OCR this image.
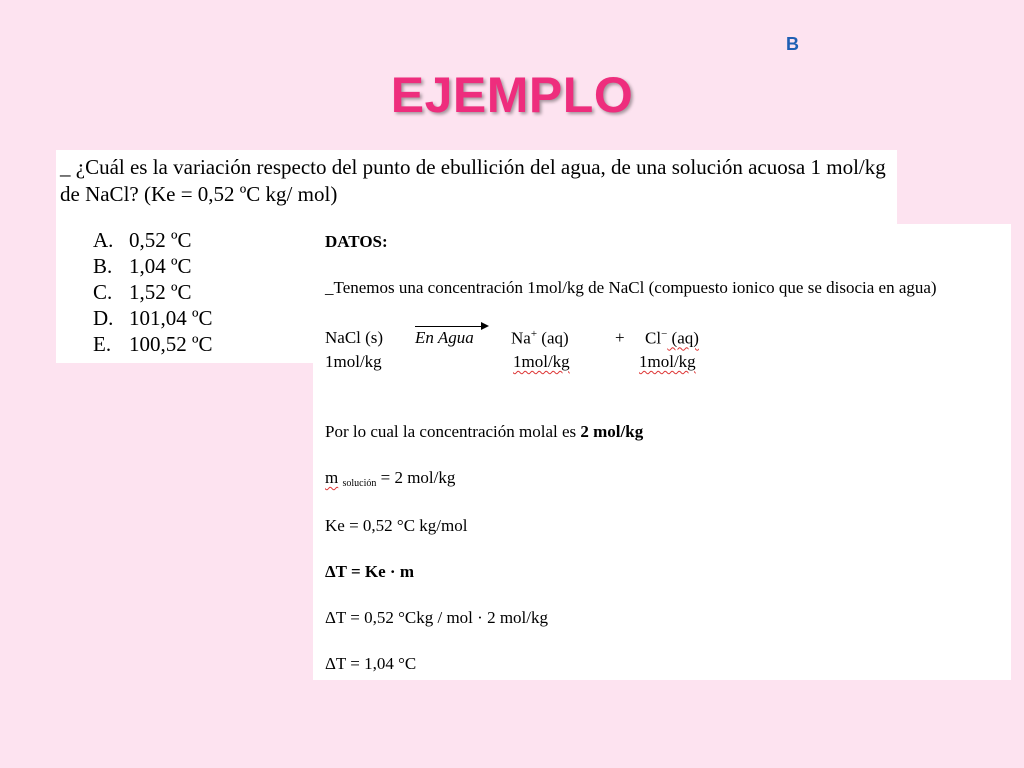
B
EJEMPLO

_ ¿Cuál es la variación respecto del punto de ebullición del agua, de una solución acuosa 1 mol/kg de NaCl? (Ke = 0,52 ºC kg/ mol)

A. 0,52 ºC
B. 1,04 ºC
C. 1,52 ºC
D. 101,04 ºC
E. 100,52 ºC
DATOS:
_Tenemos una concentración 1mol/kg de NaCl (compuesto ionico que se disocia en agua)
NaCl (s) En Agua Na+ (aq)	+ Cl− (aq)
1mol/kg	1mol/kg	1mol/kg
Por lo cual la concentración molal es 2 mol/kg
m $_{solución}$ = 2 mol/kg
Ke = 0,52 °C kg/mol
ΔT = Ke · m
ΔT = 0,52 °Ckg / mol · 2 mol/kg
ΔT = 1,04 °C
